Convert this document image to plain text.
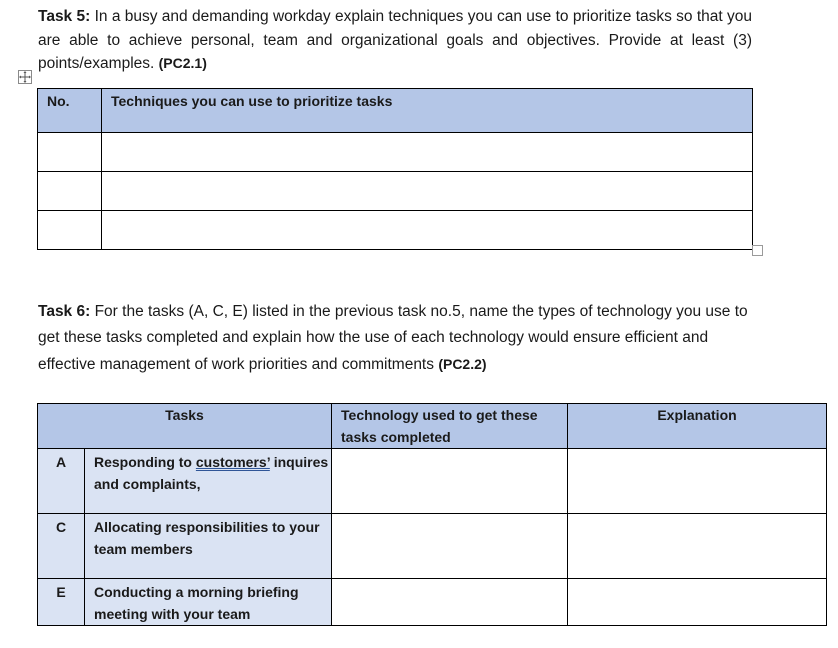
Task 5: In a busy and demanding workday explain techniques you can use to prioritize tasks so that you are able to achieve personal, team and organizational goals and objectives. Provide at least (3) points/examples. (PC2.1)

No.	Techniques you can use to prioritize tasks

Task 6: For the tasks (A, C, E) listed in the previous task no.5, name the types of technology you use to get these tasks completed and explain how the use of each technology would ensure efficient and effective management of work priorities and commitments (PC2.2)

Tasks		Technology used to get these tasks completed	Explanation
A	Responding to customers’ inquires and complaints,		
C	Allocating responsibilities to your team members		
E	Conducting a morning briefing meeting with your team		
